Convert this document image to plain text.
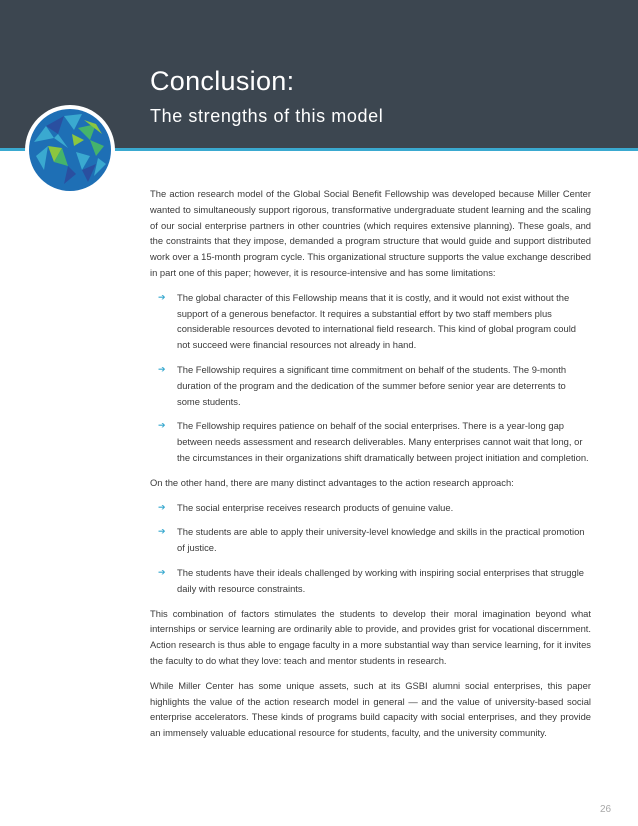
Conclusion:
The strengths of this model

The action research model of the Global Social Benefit Fellowship was developed because Miller Center wanted to simultaneously support rigorous, transformative undergraduate student learning and the scaling of our social enterprise partners in other countries (which requires extensive planning). These goals, and the constraints that they impose, demanded a program structure that would guide and support distributed work over a 15-month program cycle. This organizational structure supports the value exchange described in part one of this paper; however, it is resource-intensive and has some limitations:

➔ The global character of this Fellowship means that it is costly, and it would not exist without the support of a generous benefactor. It requires a substantial effort by two staff members plus considerable resources devoted to international field research. This kind of global program could not succeed were financial resources not already in hand.
➔ The Fellowship requires a significant time commitment on behalf of the students. The 9-month duration of the program and the dedication of the summer before senior year are deterrents to some students.
➔ The Fellowship requires patience on behalf of the social enterprises. There is a year-long gap between needs assessment and research deliverables. Many enterprises cannot wait that long, or the circumstances in their organizations shift dramatically between project initiation and completion.

On the other hand, there are many distinct advantages to the action research approach:

➔ The social enterprise receives research products of genuine value.
➔ The students are able to apply their university-level knowledge and skills in the practical promotion of justice.
➔ The students have their ideals challenged by working with inspiring social enterprises that struggle daily with resource constraints.

This combination of factors stimulates the students to develop their moral imagination beyond what internships or service learning are ordinarily able to provide, and provides grist for vocational discernment. Action research is thus able to engage faculty in a more substantial way than service learning, for it invites the faculty to do what they love: teach and mentor students in research.

While Miller Center has some unique assets, such at its GSBI alumni social enterprises, this paper highlights the value of the action research model in general — and the value of university-based social enterprise accelerators. These kinds of programs build capacity with social enterprises, and they provide an immensely valuable educational resource for students, faculty, and the university community.

26
